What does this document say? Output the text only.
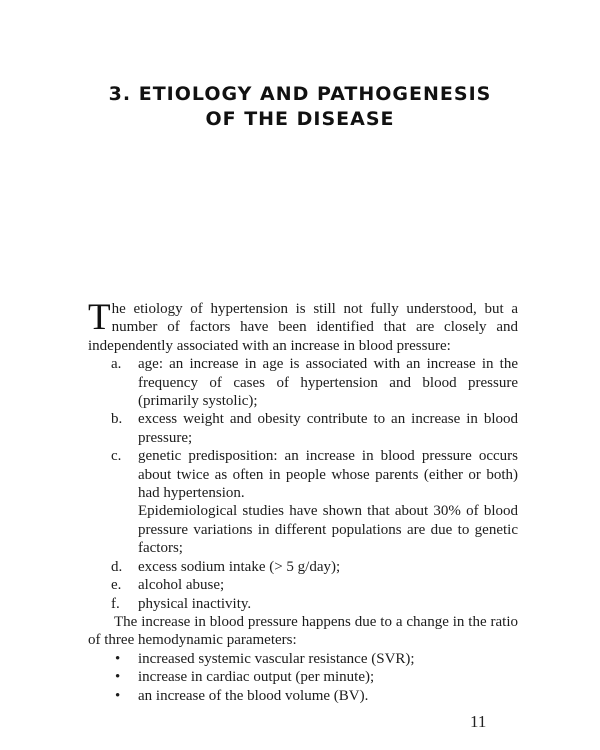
3. ETIOLOGY AND PATHOGENESIS
OF THE DISEASE

The etiology of hypertension is still not fully understood, but a number of factors have been identified that are closely and independently associated with an increase in blood pressure:

a. age: an increase in age is associated with an increase in the frequency of cases of hypertension and blood pressure (primarily systolic);
b. excess weight and obesity contribute to an increase in blood pressure;
c. genetic predisposition: an increase in blood pressure occurs about twice as often in people whose parents (either or both) had hypertension.

Epidemiological studies have shown that about 30% of blood pressure variations in different populations are due to genetic factors;

d. excess sodium intake (> 5 g/day);
e. alcohol abuse;
f. physical inactivity.

The increase in blood pressure happens due to a change in the ratio of three hemodynamic parameters:

• increased systemic vascular resistance (SVR);
• increase in cardiac output (per minute);
• an increase of the blood volume (BV).
11
